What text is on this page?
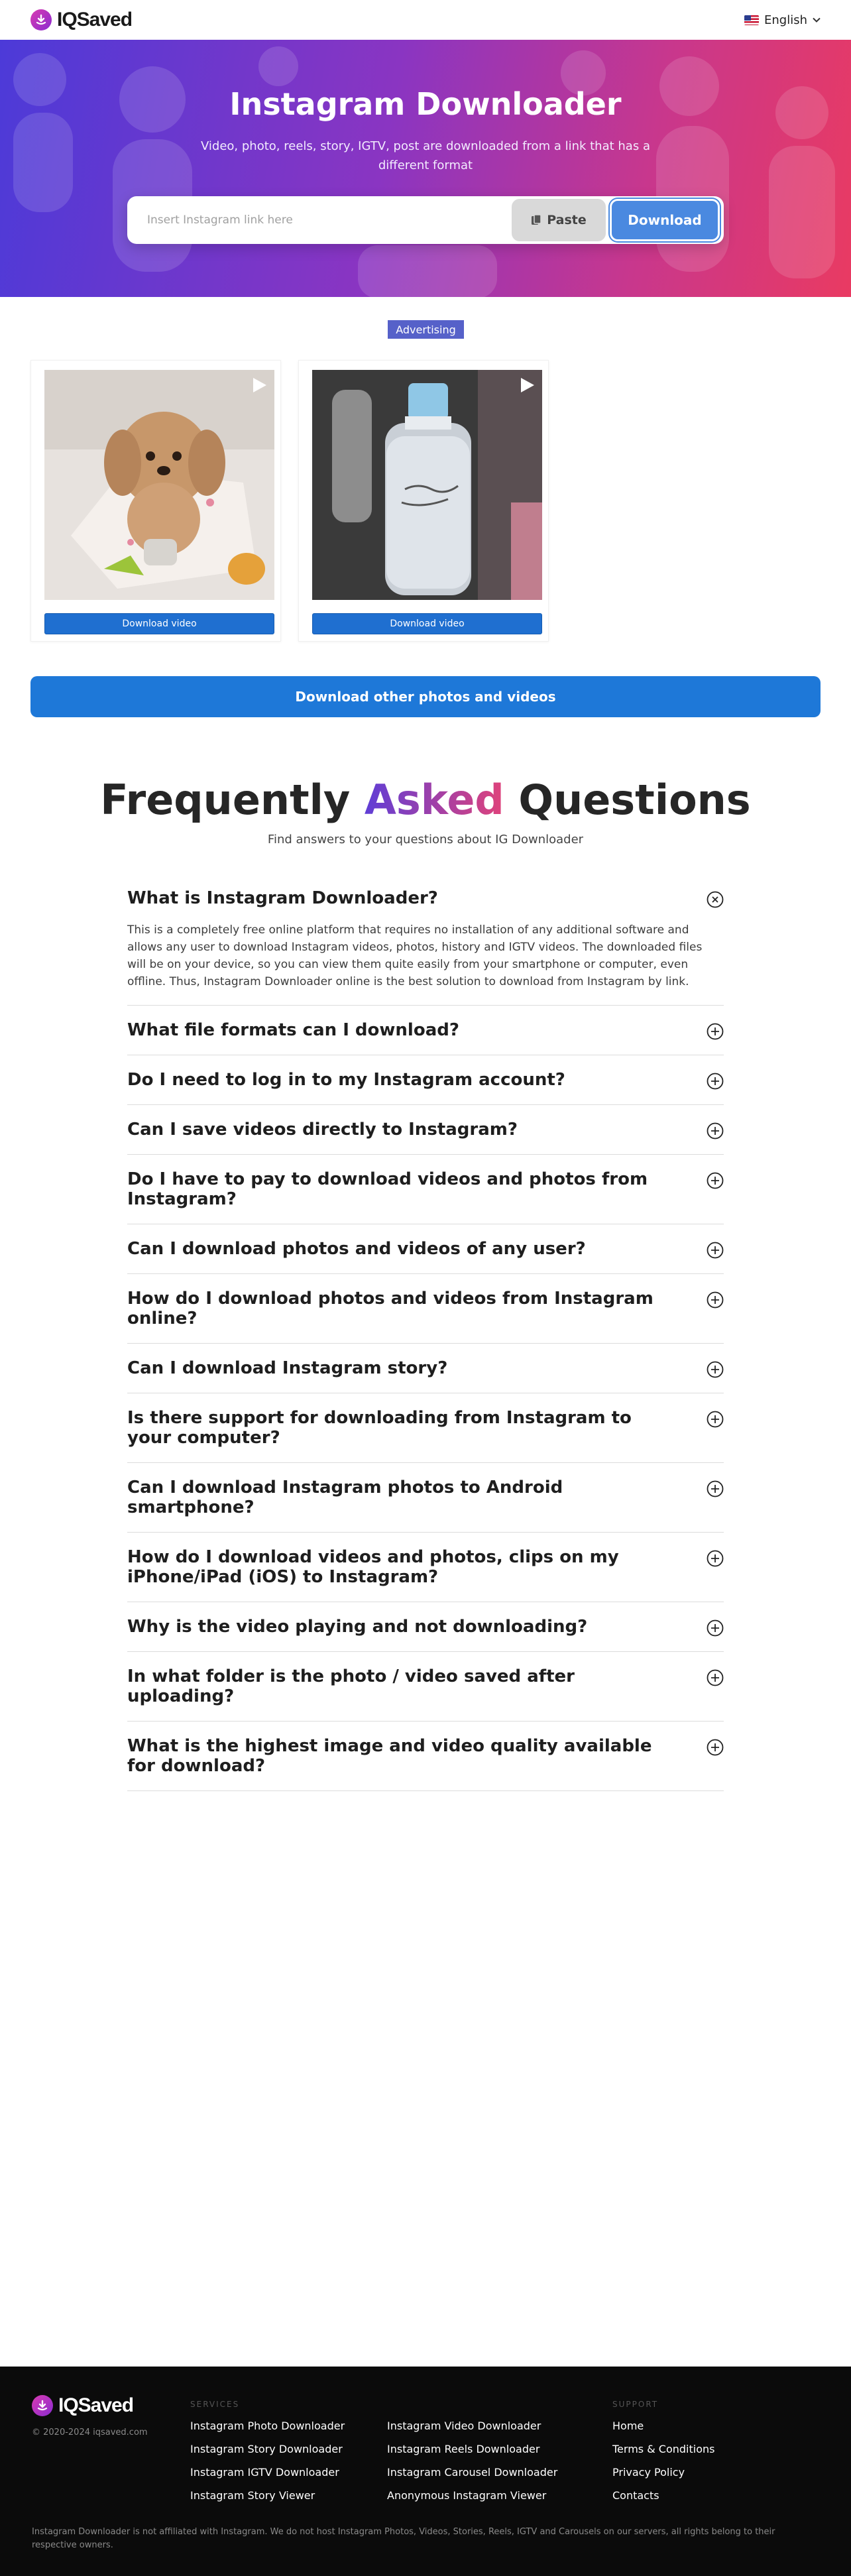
IQSaved	English
Instagram Downloader

Video, photo, reels, story, IGTV, post are downloaded from a link that has a different format

Insert Instagram link here
Paste	Download
Advertising
Download video	Download video
Download other photos and videos
Frequently Asked Questions

Find answers to your questions about IG Downloader

What is Instagram Downloader?
This is a completely free online platform that requires no installation of any additional software and allows any user to download Instagram videos, photos, history and IGTV videos. The downloaded files will be on your device, so you can view them quite easily from your smartphone or computer, even offline. Thus, Instagram Downloader online is the best solution to download from Instagram by link.
What file formats can I download?
Do I need to log in to my Instagram account?
Can I save videos directly to Instagram?
Do I have to pay to download videos and photos from Instagram?
Can I download photos and videos of any user?
How do I download photos and videos from Instagram online?
Can I download Instagram story?
Is there support for downloading from Instagram to your computer?
Can I download Instagram photos to Android smartphone?
How do I download videos and photos, clips on my iPhone/iPad (iOS) to Instagram?
Why is the video playing and not downloading?
In what folder is the photo / video saved after uploading?
What is the highest image and video quality available for download?
IQSaved
© 2020-2024 iqsaved.com
SERVICES	SUPPORT
Instagram Photo Downloader
Instagram Story Downloader
Instagram IGTV Downloader
Instagram Story Viewer
Instagram Video Downloader
Instagram Reels Downloader
Instagram Carousel Downloader
Anonymous Instagram Viewer
Home
Terms & Conditions
Privacy Policy
Contacts
Instagram Downloader is not affiliated with Instagram. We do not host Instagram Photos, Videos, Stories, Reels, IGTV and Carousels on our servers, all rights belong to their respective owners.
